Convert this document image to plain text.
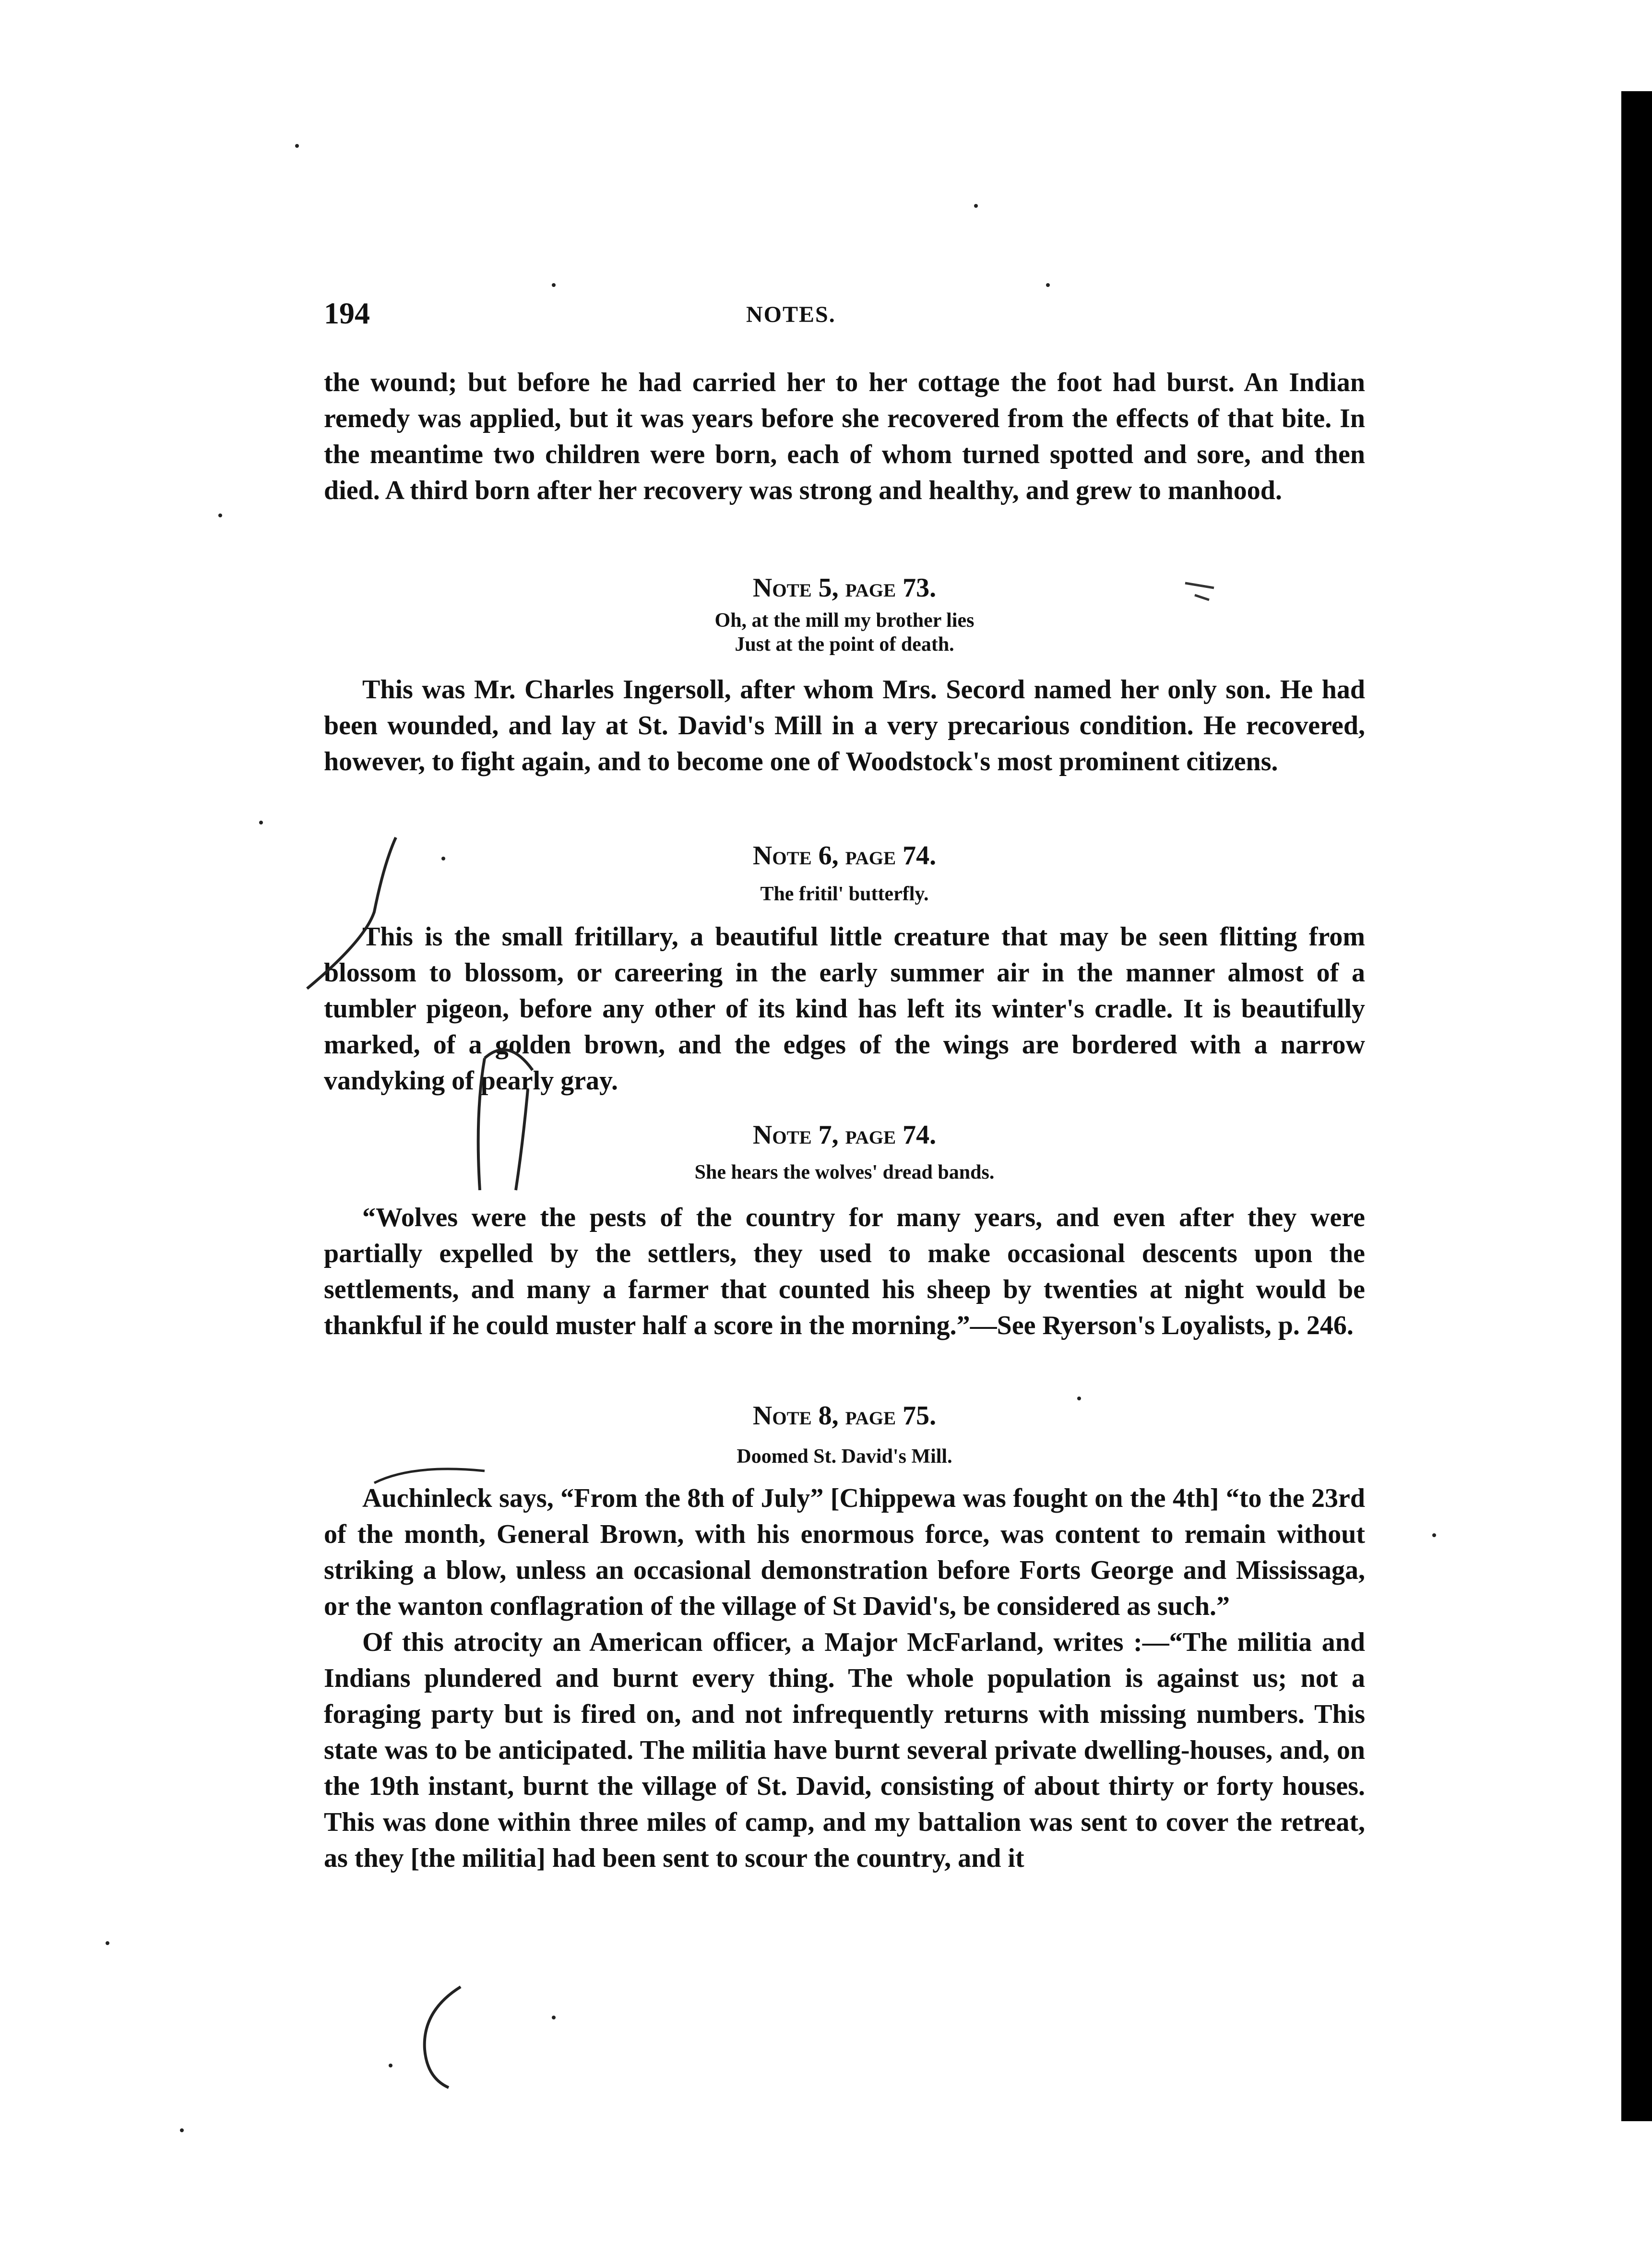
194	NOTES.

the wound; but before he had carried her to her cottage the foot had burst. An Indian remedy was applied, but it was years before she recovered from the effects of that bite. In the meantime two children were born, each of whom turned spotted and sore, and then died. A third born after her recovery was strong and healthy, and grew to manhood.

Note 5, page 73.
Oh, at the mill my brother lies
Just at the point of death.

This was Mr. Charles Ingersoll, after whom Mrs. Secord named her only son. He had been wounded, and lay at St. David's Mill in a very precarious condition. He recovered, however, to fight again, and to become one of Woodstock's most prominent citizens.

Note 6, page 74.
The fritil' butterfly.

This is the small fritillary, a beautiful little creature that may be seen flitting from blossom to blossom, or careering in the early summer air in the manner almost of a tumbler pigeon, before any other of its kind has left its winter's cradle. It is beautifully marked, of a golden brown, and the edges of the wings are bordered with a narrow vandyking of pearly gray.

Note 7, page 74.
She hears the wolves' dread bands.

“Wolves were the pests of the country for many years, and even after they were partially expelled by the settlers, they used to make occasional descents upon the settlements, and many a farmer that counted his sheep by twenties at night would be thankful if he could muster half a score in the morning.”—See Ryerson's Loyalists, p. 246.

Note 8, page 75.
Doomed St. David's Mill.

Auchinleck says, “From the 8th of July” [Chippewa was fought on the 4th] “to the 23rd of the month, General Brown, with his enormous force, was content to remain without striking a blow, unless an occasional demonstration before Forts George and Mississaga, or the wanton conflagration of the village of St David's, be considered as such.”

Of this atrocity an American officer, a Major McFarland, writes :—“The militia and Indians plundered and burnt every thing. The whole population is against us; not a foraging party but is fired on, and not infrequently returns with missing numbers. This state was to be anticipated. The militia have burnt several private dwelling-houses, and, on the 19th instant, burnt the village of St. David, consisting of about thirty or forty houses. This was done within three miles of camp, and my battalion was sent to cover the retreat, as they [the militia] had been sent to scour the country, and it
